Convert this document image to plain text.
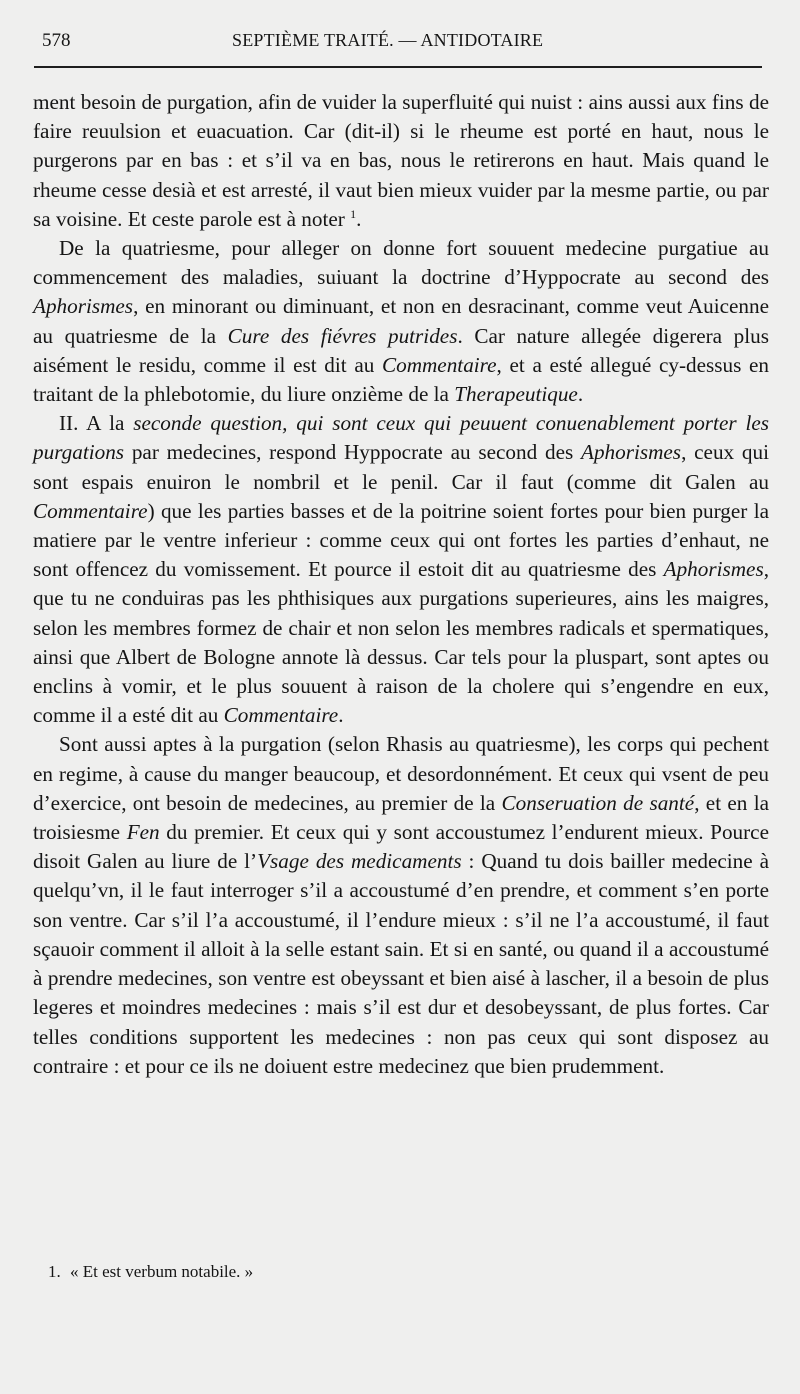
578	SEPTIÈME TRAITÉ. — ANTIDOTAIRE

ment besoin de purgation, afin de vuider la superfluité qui nuist : ains aussi aux fins de faire reuulsion et euacuation. Car (dit-il) si le rheume est porté en haut, nous le purgerons par en bas : et s’il va en bas, nous le retirerons en haut. Mais quand le rheume cesse desià et est arresté, il vaut bien mieux vuider par la mesme partie, ou par sa voisine. Et ceste parole est à noter $^1$.

De la quatriesme, pour alleger on donne fort souuent medecine purgatiue au commencement des maladies, suiuant la doctrine d’Hyppocrate au second des Aphorismes, en minorant ou diminuant, et non en desracinant, comme veut Auicenne au quatriesme de la Cure des fiévres putrides. Car nature allegée digerera plus aisément le residu, comme il est dit au Commentaire, et a esté allegué cy-dessus en traitant de la phlebotomie, du liure onzième de la Therapeutique.

II. A la seconde question, qui sont ceux qui peuuent conuenablement porter les purgations par medecines, respond Hyppocrate au second des Aphorismes, ceux qui sont espais enuiron le nombril et le penil. Car il faut (comme dit Galen au Commentaire) que les parties basses et de la poitrine soient fortes pour bien purger la matiere par le ventre inferieur : comme ceux qui ont fortes les parties d’enhaut, ne sont offencez du vomissement. Et pource il estoit dit au quatriesme des Aphorismes, que tu ne conduiras pas les phthisiques aux purgations superieures, ains les maigres, selon les membres formez de chair et non selon les membres radicals et spermatiques, ainsi que Albert de Bologne annote là dessus. Car tels pour la pluspart, sont aptes ou enclins à vomir, et le plus souuent à raison de la cholere qui s’engendre en eux, comme il a esté dit au Commentaire.

Sont aussi aptes à la purgation (selon Rhasis au quatriesme), les corps qui pechent en regime, à cause du manger beaucoup, et desordonnément. Et ceux qui vsent de peu d’exercice, ont besoin de medecines, au premier de la Conseruation de santé, et en la troisiesme Fen du premier. Et ceux qui y sont accoustumez l’endurent mieux. Pource disoit Galen au liure de l’Vsage des medicaments : Quand tu dois bailler medecine à quelqu’vn, il le faut interroger s’il a accoustumé d’en prendre, et comment s’en porte son ventre. Car s’il l’a accoustumé, il l’endure mieux : s’il ne l’a accoustumé, il faut sçauoir comment il alloit à la selle estant sain. Et si en santé, ou quand il a accoustumé à prendre medecines, son ventre est obeyssant et bien aisé à lascher, il a besoin de plus legeres et moindres medecines : mais s’il est dur et desobeyssant, de plus fortes. Car telles conditions supportent les medecines : non pas ceux qui sont disposez au contraire : et pour ce ils ne doiuent estre medecinez que bien prudemment.

1. « Et est verbum notabile. »
